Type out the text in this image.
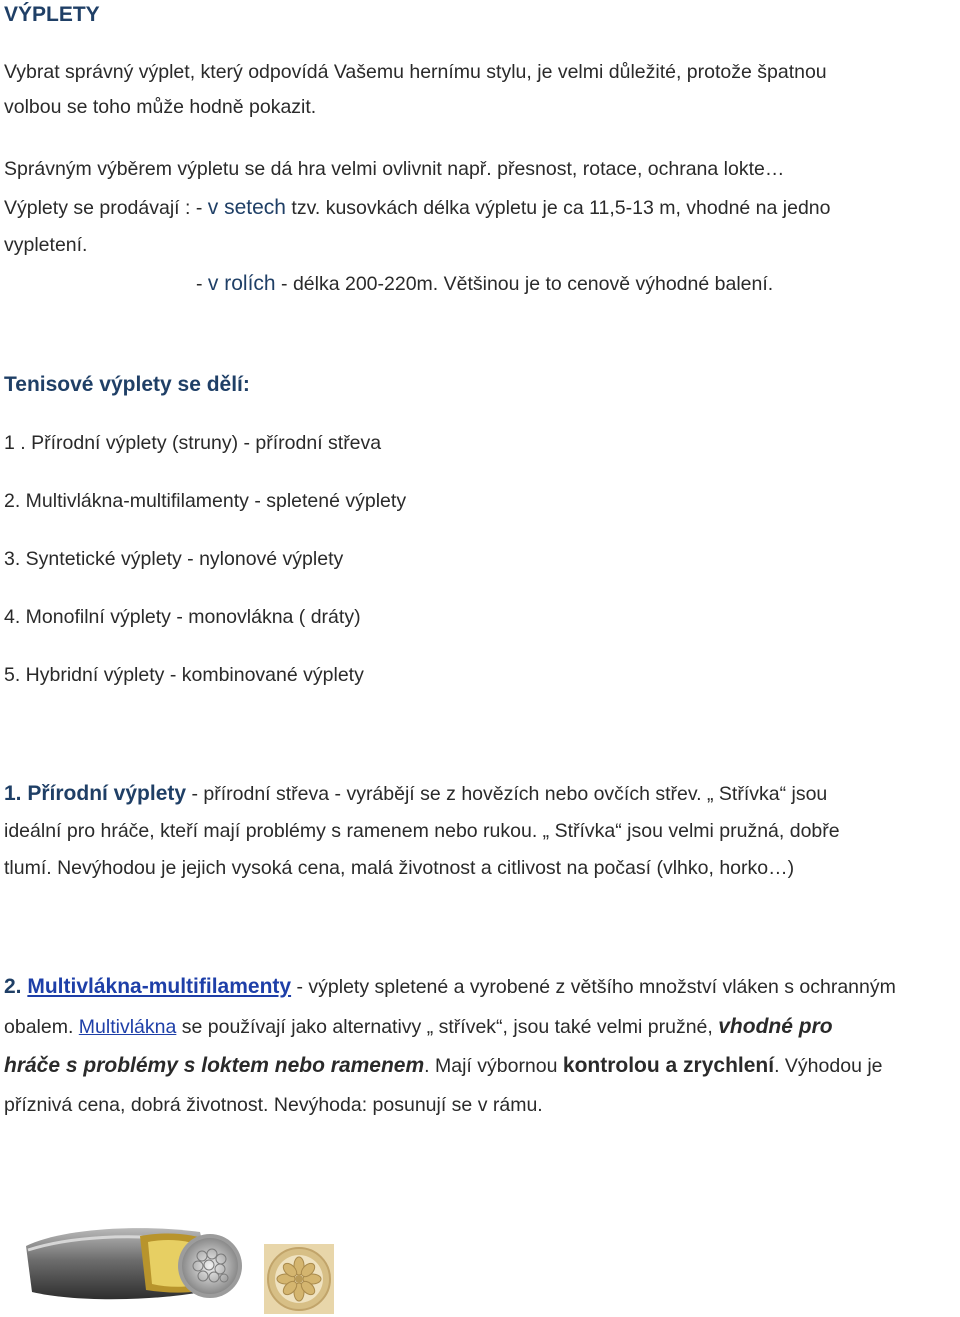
VÝPLETY
Vybrat správný výplet, který odpovídá Vašemu hernímu stylu, je velmi důležité, protože špatnou
volbou se toho může hodně pokazit.
Správným výběrem výpletu se dá hra velmi ovlivnit např. přesnost, rotace, ochrana lokte…
Výplety se prodávají : - v setech tzv. kusovkách délka výpletu je ca 11,5-13 m, vhodné na jedno
vypletení.
- v rolích - délka 200-220m. Většinou je to cenově výhodné balení.
Tenisové výplety se dělí:
1 . Přírodní výplety (struny) - přírodní střeva
2. Multivlákna-multifilamenty - spletené výplety
3. Syntetické výplety - nylonové výplety
4. Monofilní výplety - monovlákna ( dráty)
5. Hybridní výplety - kombinované výplety
1. Přírodní výplety - přírodní střeva - vyrábějí se z hovězích nebo ovčích střev. „ Střívka“ jsou
ideální pro hráče, kteří mají problémy s ramenem nebo rukou. „ Střívka“ jsou velmi pružná, dobře
tlumí. Nevýhodou je jejich vysoká cena, malá životnost a citlivost na počasí (vlhko, horko…)
2. Multivlákna-multifilamenty - výplety spletené a vyrobené z většího množství vláken s ochranným
obalem. Multivlákna se používají jako alternativy „ střívek“, jsou také velmi pružné, vhodné pro
hráče s problémy s loktem nebo ramenem. Mají výbornou kontrolou a zrychlení. Výhodou je
příznivá cena, dobrá životnost. Nevýhoda: posunují se v rámu.
